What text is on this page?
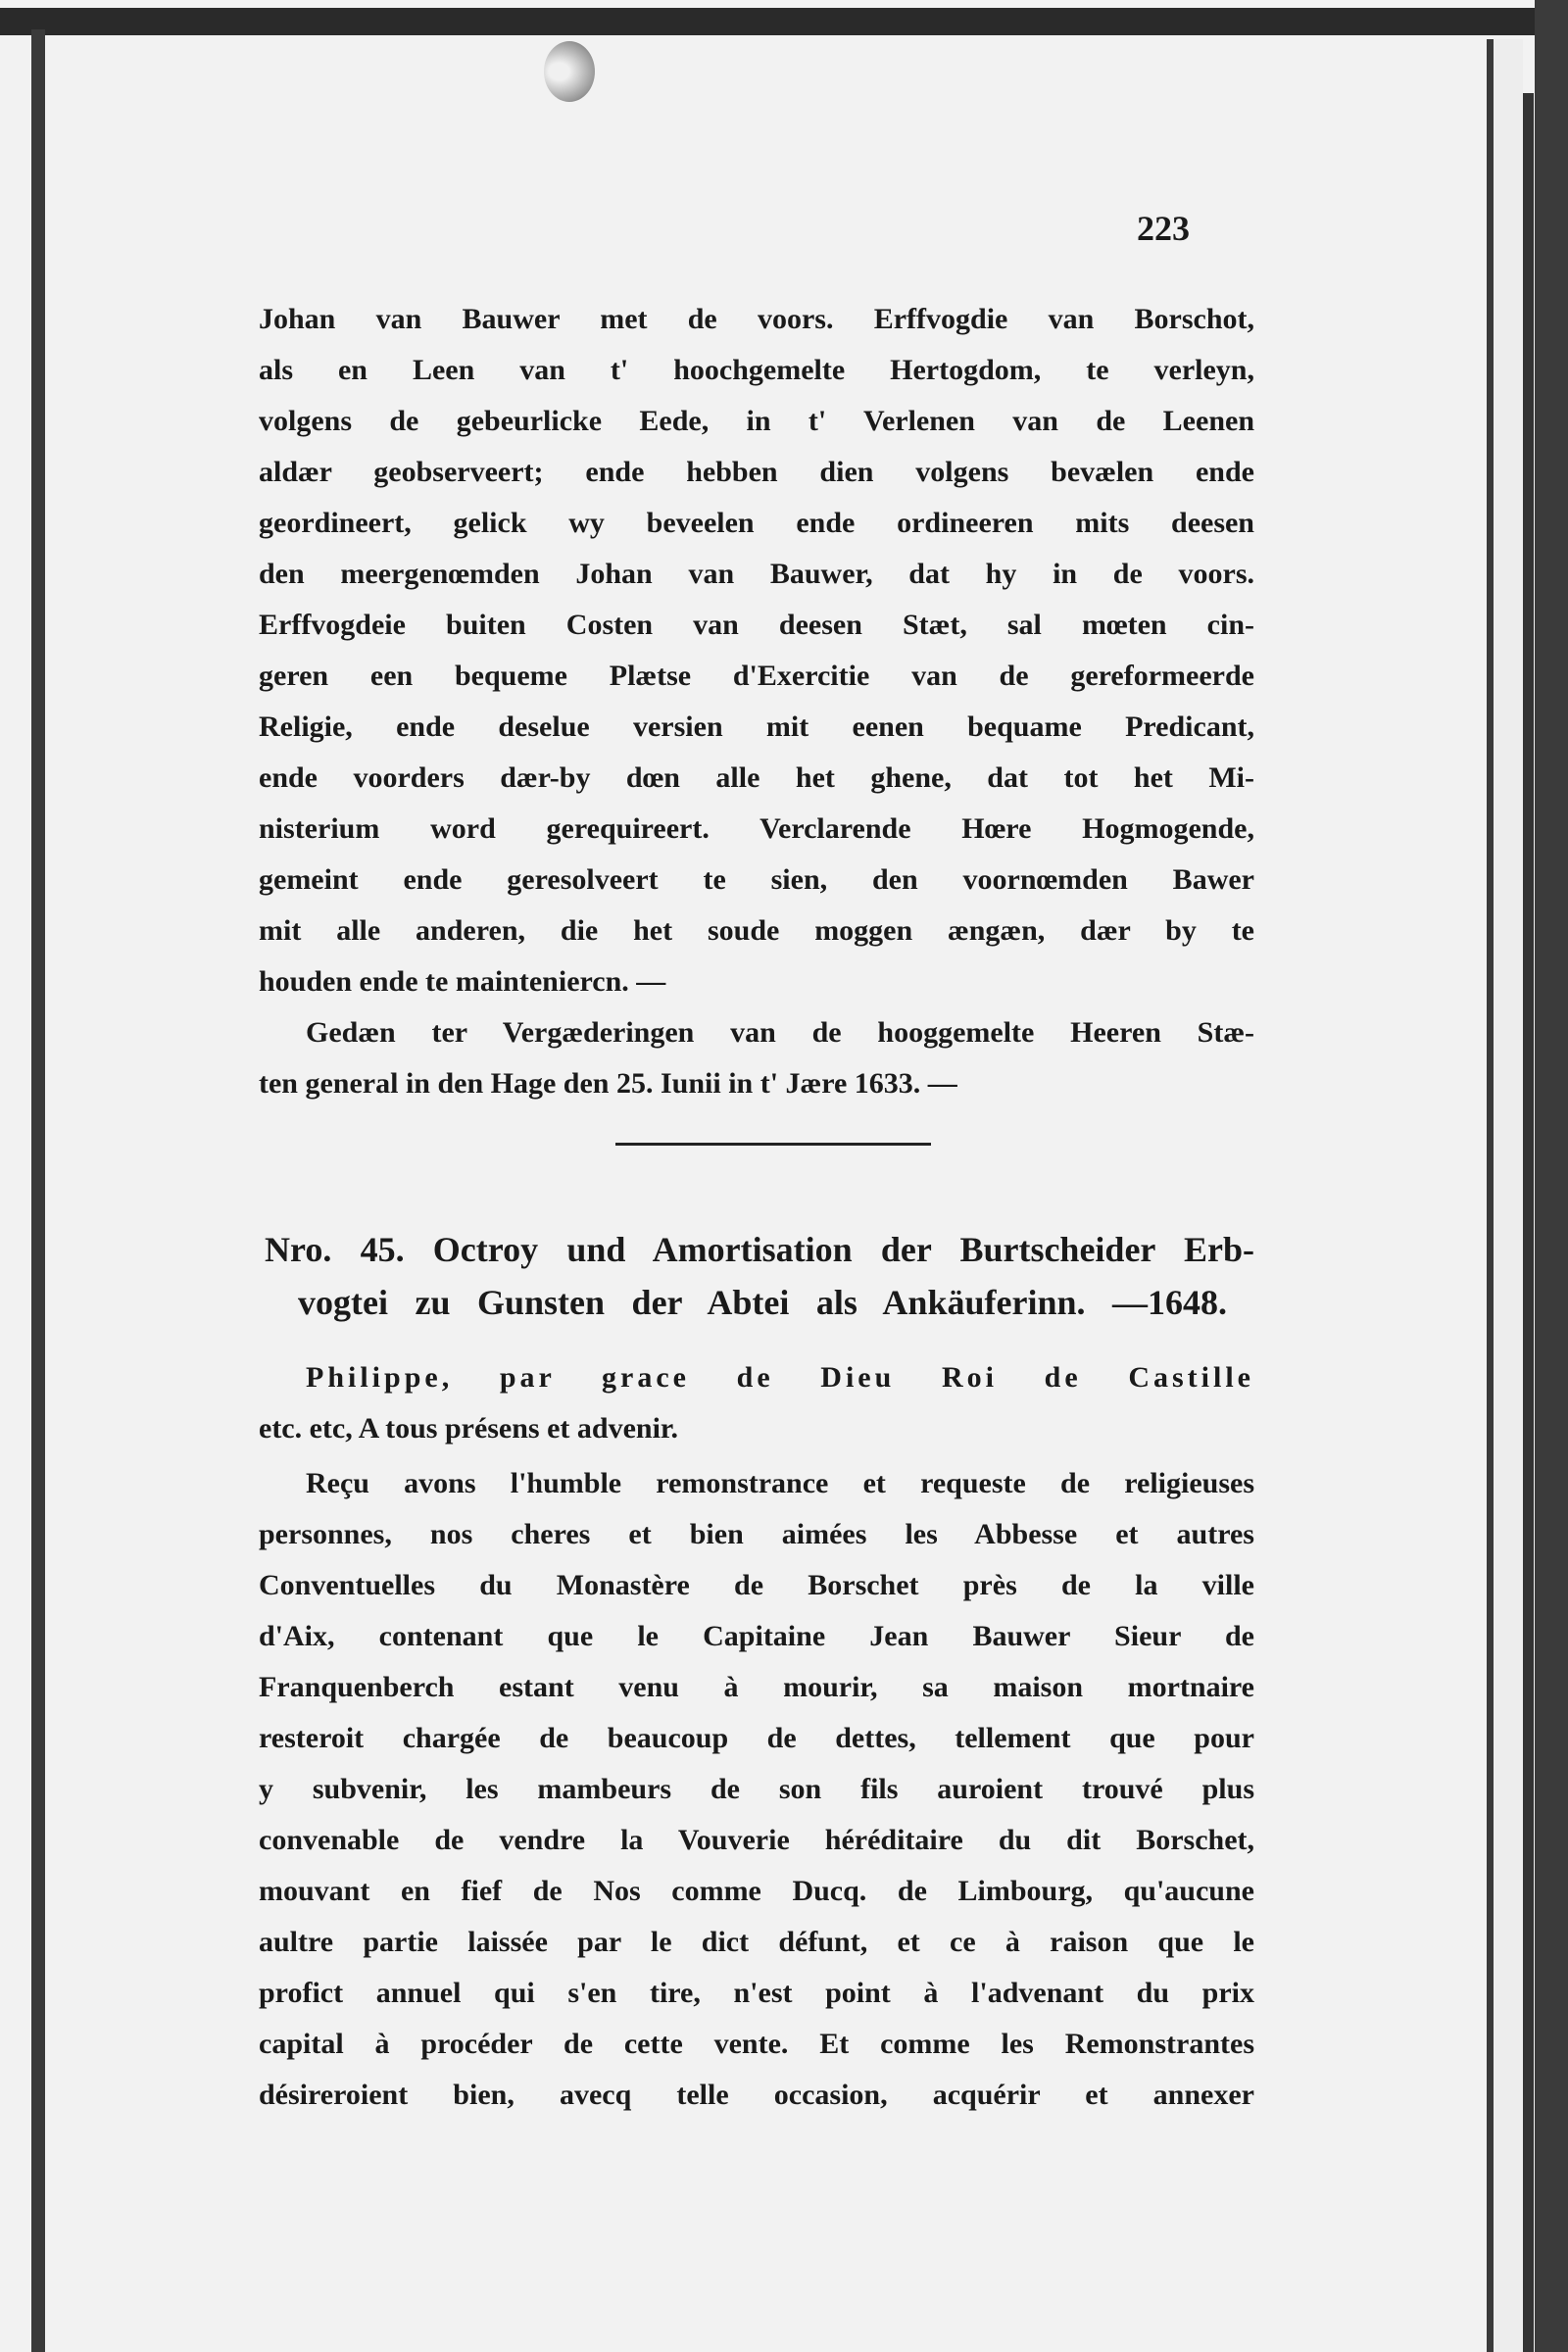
223
Johan van Bauwer met de voors. Erffvogdie van Borschot,
als en Leen van t' hoochgemelte Hertogdom, te verleyn,
volgens de gebeurlicke Eede, in t' Verlenen van de Leenen
aldær geobserveert; ende hebben dien volgens bevælen ende
geordineert, gelick wy beveelen ende ordineeren mits deesen
den meergenœmden Johan van Bauwer, dat hy in de voors.
Erffvogdeie buiten Costen van deesen Stæt, sal mœten cin-
geren een bequeme Plætse d'Exercitie van de gereformeerde
Religie, ende deselue versien mit eenen bequame Predicant,
ende voorders dær-by dœn alle het ghene, dat tot het Mi-
nisterium word gerequireert. Verclarende Hœre Hogmogende,
gemeint ende geresolveert te sien, den voornœmden Bawer
mit alle anderen, die het soude moggen ængæn, dær by te
houden ende te mainteniercn. —
Gedæn ter Vergæderingen van de hooggemelte Heeren Stæ-
ten general in den Hage den 25. Iunii in t' Jære 1633. —
Nro. 45. Octroy und Amortisation der Burtscheider Erb-
vogtei zu Gunsten der Abtei als Ankäuferinn. —1648.
Philippe, par grace de Dieu Roi de Castille
etc. etc, A tous présens et advenir.
Reçu avons l'humble remonstrance et requeste de religieuses
personnes, nos cheres et bien aimées les Abbesse et autres
Conventuelles du Monastère de Borschet près de la ville
d'Aix, contenant que le Capitaine Jean Bauwer Sieur de
Franquenberch estant venu à mourir, sa maison mortnaire
resteroit chargée de beaucoup de dettes, tellement que pour
y subvenir, les mambeurs de son fils auroient trouvé plus
convenable de vendre la Vouverie héréditaire du dit Borschet,
mouvant en fief de Nos comme Ducq. de Limbourg, qu'aucune
aultre partie laissée par le dict défunt, et ce à raison que le
profict annuel qui s'en tire, n'est point à l'advenant du prix
capital à procéder de cette vente. Et comme les Remonstrantes
désireroient bien, avecq telle occasion, acquérir et annexer
